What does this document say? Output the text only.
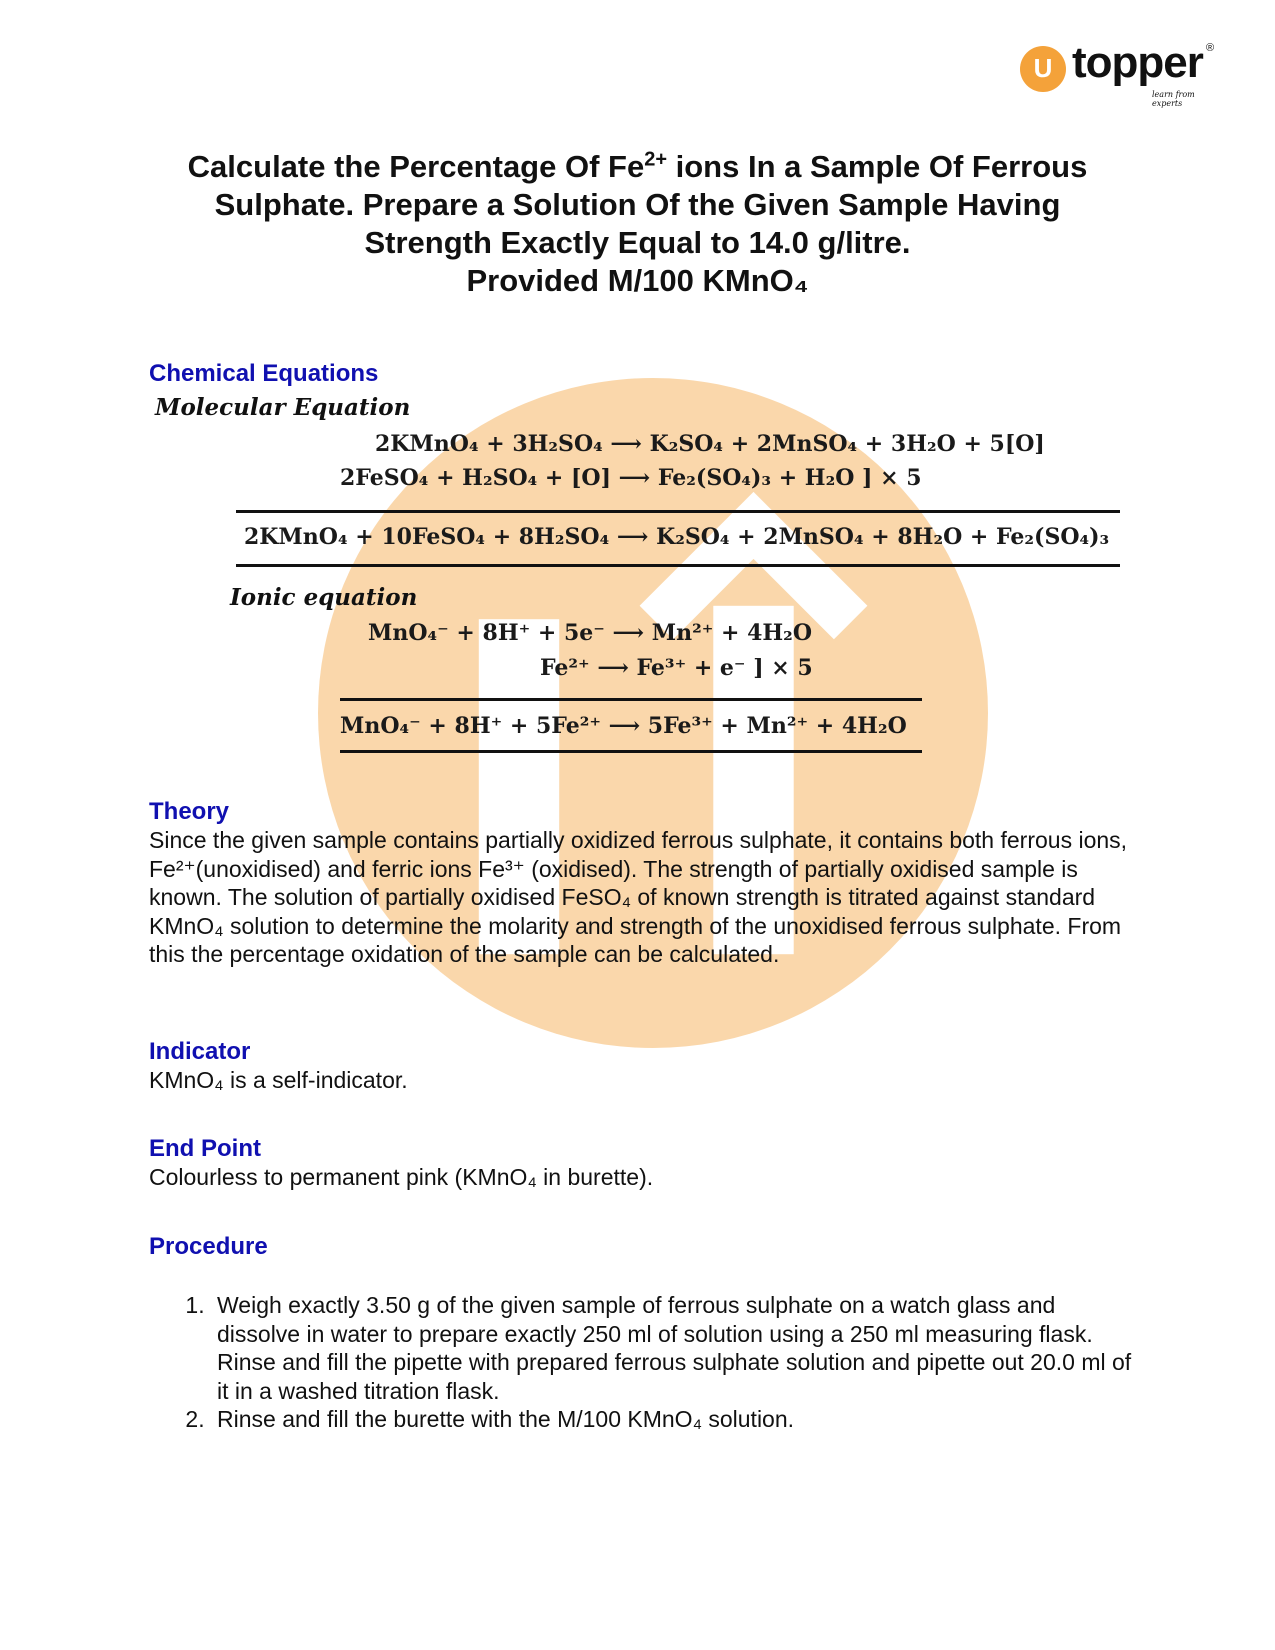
U topper ®
learn from experts
Calculate the Percentage Of $Fe^{2+}$ ions In a Sample Of Ferrous
Sulphate. Prepare a Solution Of the Given Sample Having
Strength Exactly Equal to 14.0 g/litre.
Provided M/100 KMnO₄
Chemical Equations
Molecular Equation
2KMnO₄ + 3H₂SO₄ ⟶ K₂SO₄ + 2MnSO₄ + 3H₂O + 5[O]
2FeSO₄ + H₂SO₄ + [O] ⟶ Fe₂(SO₄)₃ + H₂O ] × 5
2KMnO₄ + 10FeSO₄ + 8H₂SO₄ ⟶ K₂SO₄ + 2MnSO₄ + 8H₂O + Fe₂(SO₄)₃
Ionic equation
MnO₄⁻ + 8H⁺ + 5e⁻ ⟶ Mn²⁺ + 4H₂O
Fe²⁺ ⟶ Fe³⁺ + e⁻ ] × 5
MnO₄⁻ + 8H⁺ + 5Fe²⁺ ⟶ 5Fe³⁺ + Mn²⁺ + 4H₂O
Theory
Since the given sample contains partially oxidized ferrous sulphate, it contains both ferrous ions, Fe²⁺(unoxidised) and ferric ions Fe³⁺ (oxidised). The strength of partially oxidised sample is known. The solution of partially oxidised FeSO₄ of known strength is titrated against standard KMnO₄ solution to determine the molarity and strength of the unoxidised ferrous sulphate. From this the percentage oxidation of the sample can be calculated.
Indicator
KMnO₄ is a self-indicator.
End Point
Colourless to permanent pink (KMnO₄ in burette).
Procedure
1. Weigh exactly 3.50 g of the given sample of ferrous sulphate on a watch glass and dissolve in water to prepare exactly 250 ml of solution using a 250 ml measuring flask. Rinse and fill the pipette with prepared ferrous sulphate solution and pipette out 20.0 ml of it in a washed titration flask.
2. Rinse and fill the burette with the M/100 KMnO₄ solution.
